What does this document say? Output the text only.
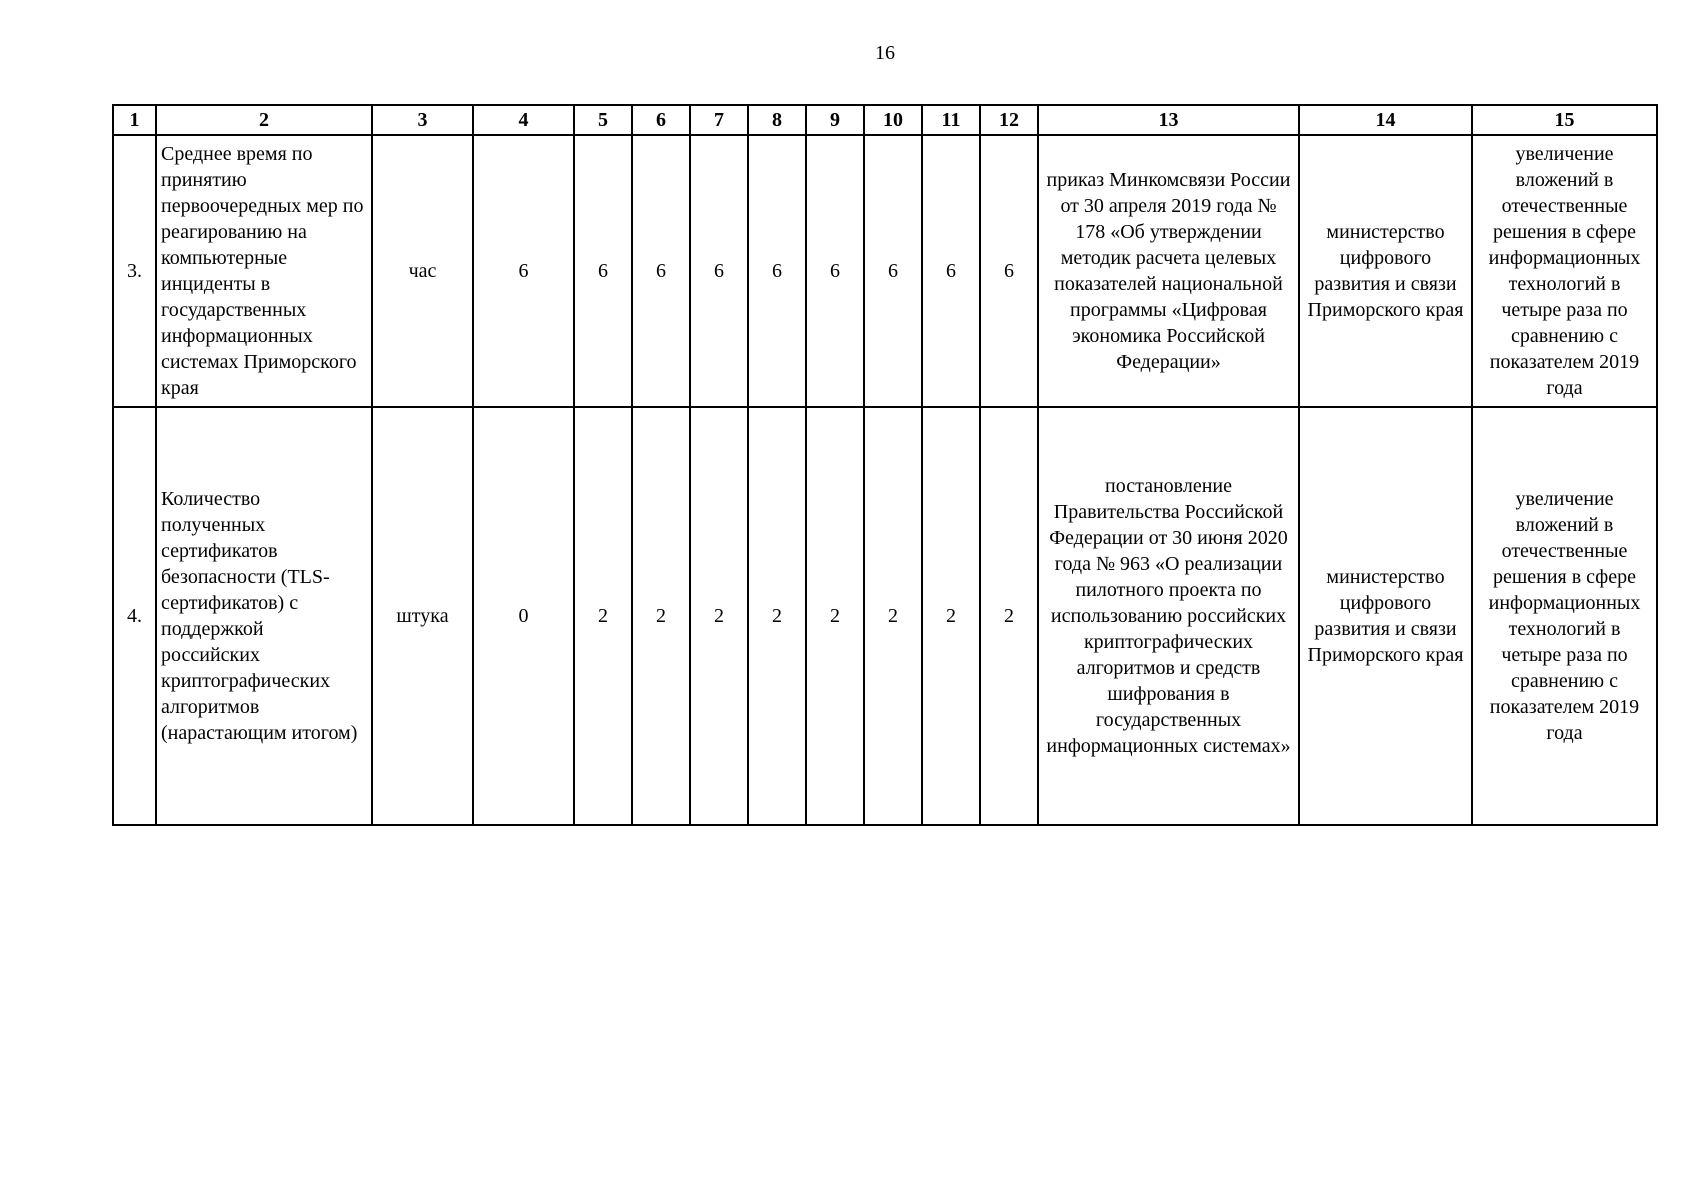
16
1	2	3	4	5	6	7	8	9	10	11	12	13	14	15
3.	Среднее время по принятию первоочередных мер по реагированию на компьютерные инциденты в государственных информационных системах Приморского края	час	6	6	6	6	6	6	6	6	6	приказ Минкомсвязи России от 30 апреля 2019 года № 178 «Об утверждении методик расчета целевых показателей национальной программы «Цифровая экономика Российской Федерации»	министерство цифрового развития и связи Приморского края	увеличение вложений в отечественные решения в сфере информационных технологий в четыре раза по сравнению с показателем 2019 года
4.	Количество полученных сертификатов безопасности (TLS-сертификатов) с поддержкой российских криптографических алгоритмов (нарастающим итогом)	штука	0	2	2	2	2	2	2	2	2	постановление Правительства Российской Федерации от 30 июня 2020 года № 963 «О реализации пилотного проекта по использованию российских криптографических алгоритмов и средств шифрования в государственных информационных системах»	министерство цифрового развития и связи Приморского края	увеличение вложений в отечественные решения в сфере информационных технологий в четыре раза по сравнению с показателем 2019 года
